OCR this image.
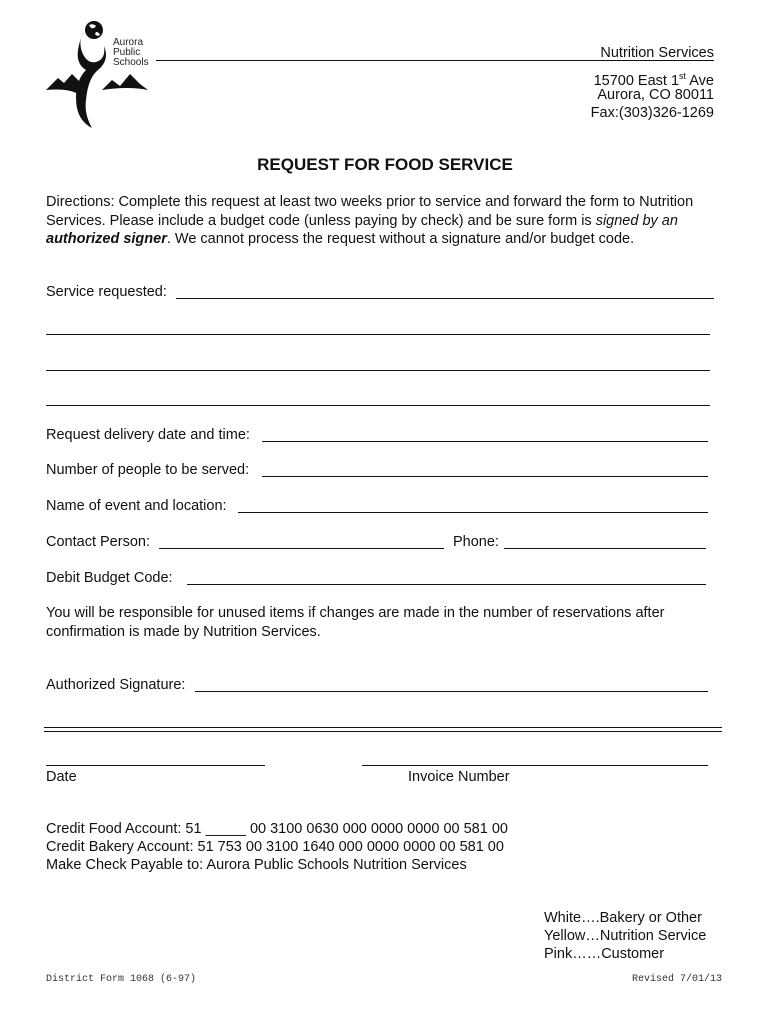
Aurora
Public
Schools
Nutrition Services
15700 East 1st Ave
Aurora, CO 80011
Fax:(303)326-1269
REQUEST FOR FOOD SERVICE
Directions: Complete this request at least two weeks prior to service and forward the form to Nutrition Services. Please include a budget code (unless paying by check) and be sure form is signed by an authorized signer. We cannot process the request without a signature and/or budget code.
Service requested:
Request delivery date and time:
Number of people to be served:
Name of event and location:
Contact Person:	Phone:
Debit Budget Code:
You will be responsible for unused items if changes are made in the number of reservations after confirmation is made by Nutrition Services.
Authorized Signature:
Date	Invoice Number
Credit Food Account: 51 _____ 00 3100 0630 000 0000 0000 00 581 00
Credit Bakery Account: 51 753 00 3100 1640 000 0000 0000 00 581 00
Make Check Payable to: Aurora Public Schools Nutrition Services
White….Bakery or Other
Yellow…Nutrition Service
Pink……Customer
District Form 1068 (6-97)	Revised 7/01/13
